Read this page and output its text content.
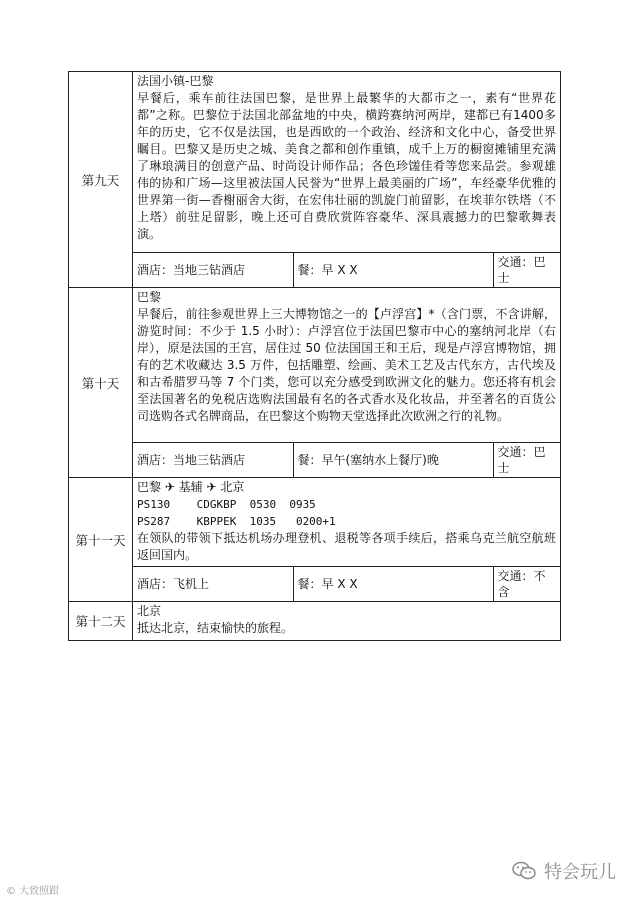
第九天	
法国小镇-巴黎
早餐后，乘车前往法国巴黎，是世界上最繁华的大都市之一，素有“世界花都”之称。巴黎位于法国北部盆地的中央，横跨赛纳河两岸，建都已有1400多年的历史，它不仅是法国，也是西欧的一个政治、经济和文化中心，备受世界瞩目。巴黎又是历史之城、美食之都和创作重镇，成千上万的橱窗摊铺里充满了琳琅满目的创意产品、时尚设计师作品；各色珍馐佳肴等您来品尝。参观雄伟的协和广场—这里被法国人民誉为“世界上最美丽的广场”，车经豪华优雅的世界第一街—香榭丽舍大街，在宏伟壮丽的凯旋门前留影，在埃菲尔铁塔（不上塔）前驻足留影，晚上还可自费欣赏阵容豪华、深具震撼力的巴黎歌舞表演。
酒店：当地三钻酒店	餐：早 X X	交通：巴士

第十天	
巴黎
早餐后，前往参观世界上三大博物馆之一的【卢浮宫】*（含门票，不含讲解，游览时间：不少于 1.5 小时）：卢浮宫位于法国巴黎市中心的塞纳河北岸（右岸），原是法国的王宫，居住过 50 位法国国王和王后，现是卢浮宫博物馆，拥有的艺术收藏达 3.5 万件，包括雕塑、绘画、美术工艺及古代东方，古代埃及和古希腊罗马等 7 个门类，您可以充分感受到欧洲文化的魅力。您还将有机会至法国著名的免税店选购法国最有名的各式香水及化妆品，并至著名的百货公司选购各式名牌商品，在巴黎这个购物天堂选择此次欧洲之行的礼物。
酒店：当地三钻酒店	餐：早午(塞纳水上餐厅)晚	交通：巴士

第十一天	
巴黎 ✈ 基辅 ✈ 北京
PS130    CDGKBP  0530  0935
PS287    KBPPEK  1035   0200+1
在领队的带领下抵达机场办理登机、退税等各项手续后，搭乘乌克兰航空航班返回国内。
酒店：飞机上	餐：早 X X	交通：不含

第十二天	
北京
抵达北京，结束愉快的旅程。
© 大致照跟
特会玩儿
